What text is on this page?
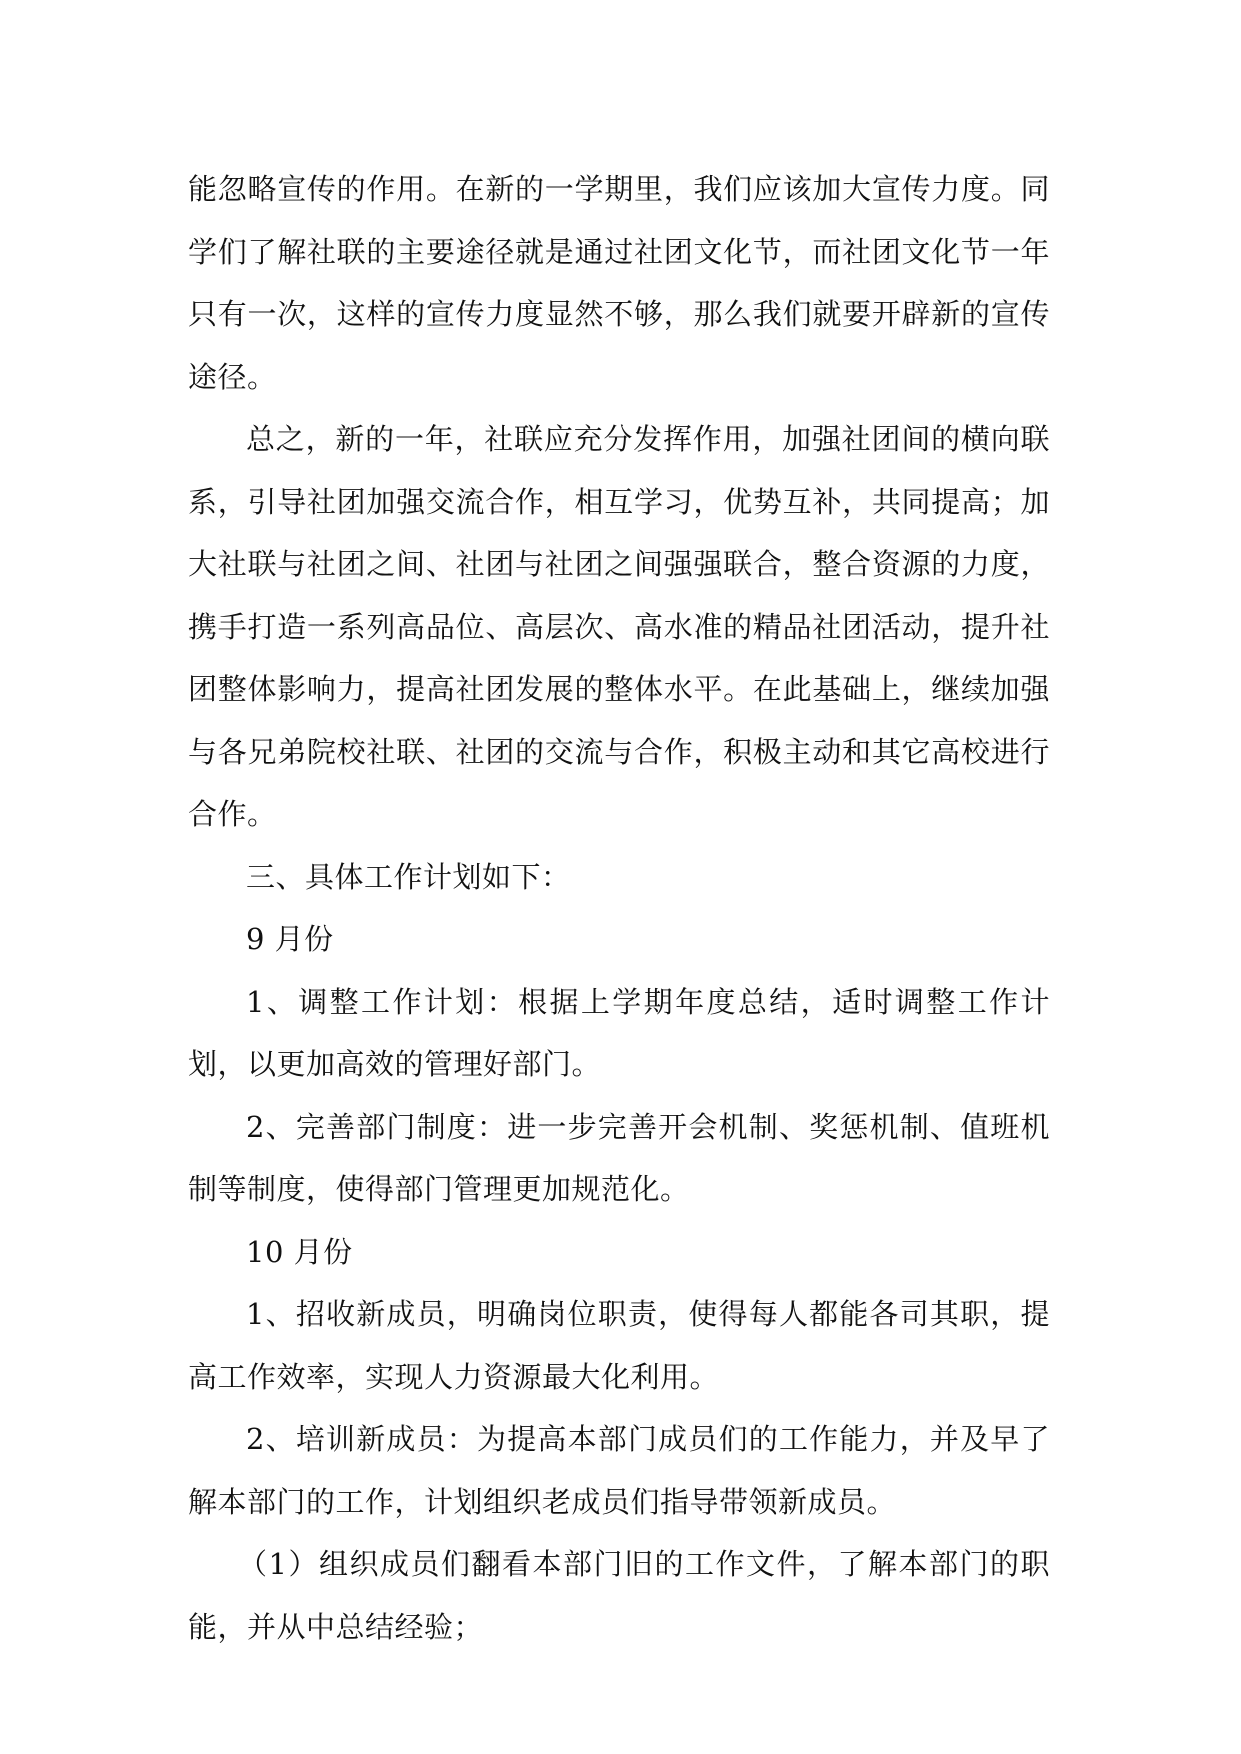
能忽略宣传的作用。在新的一学期里，我们应该加大宣传力度。同学们了解社联的主要途径就是通过社团文化节，而社团文化节一年只有一次，这样的宣传力度显然不够，那么我们就要开辟新的宣传途径。

总之，新的一年，社联应充分发挥作用，加强社团间的横向联系，引导社团加强交流合作，相互学习，优势互补，共同提高；加大社联与社团之间、社团与社团之间强强联合，整合资源的力度，携手打造一系列高品位、高层次、高水准的精品社团活动，提升社团整体影响力，提高社团发展的整体水平。在此基础上，继续加强与各兄弟院校社联、社团的交流与合作，积极主动和其它高校进行合作。

三、具体工作计划如下：

9 月份

1、调整工作计划：根据上学期年度总结，适时调整工作计划，以更加高效的管理好部门。

2、完善部门制度：进一步完善开会机制、奖惩机制、值班机制等制度，使得部门管理更加规范化。

10 月份

1、招收新成员，明确岗位职责，使得每人都能各司其职，提高工作效率，实现人力资源最大化利用。

2、培训新成员：为提高本部门成员们的工作能力，并及早了解本部门的工作，计划组织老成员们指导带领新成员。

（1）组织成员们翻看本部门旧的工作文件，了解本部门的职能，并从中总结经验；
